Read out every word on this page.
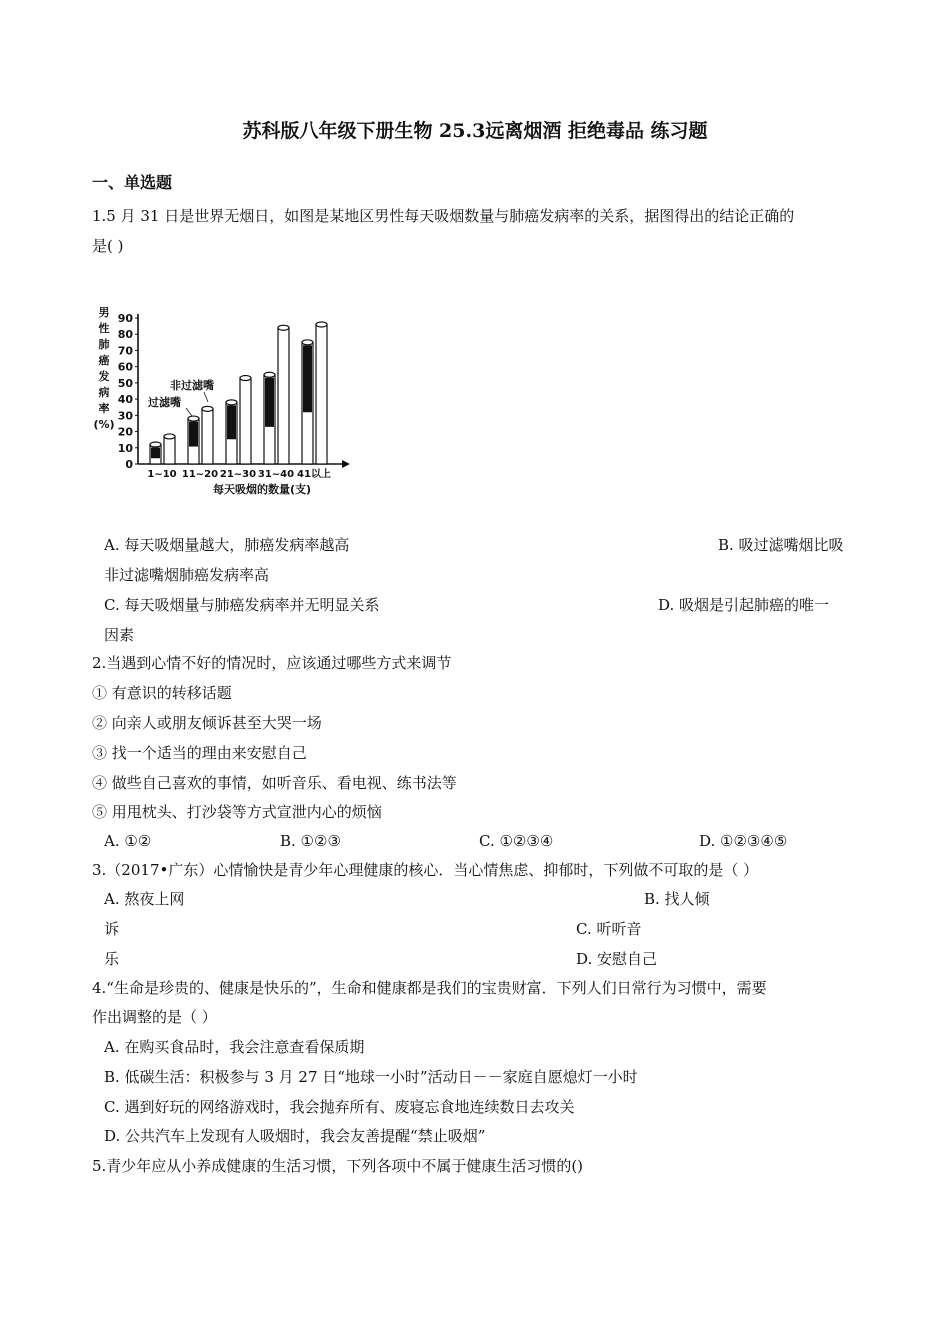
苏科版八年级下册生物 25.3远离烟酒 拒绝毒品 练习题
一、单选题
1.5 月 31 日是世界无烟日，如图是某地区男性每天吸烟数量与肺癌发病率的关系，据图得出的结论正确的
是( )
男
性
肺
癌
发
病
率
(%)
0
10
20
30
40
50
60
70
80
90
1~10 11~20 21~30 31~40 41以上
每天吸烟的数量(支)
非过滤嘴
过滤嘴
A. 每天吸烟量越大，肺癌发病率越高	B. 吸过滤嘴烟比吸
非过滤嘴烟肺癌发病率高
C. 每天吸烟量与肺癌发病率并无明显关系	D. 吸烟是引起肺癌的唯一
因素
2.当遇到心情不好的情况时，应该通过哪些方式来调节
① 有意识的转移话题
② 向亲人或朋友倾诉甚至大哭一场
③ 找一个适当的理由来安慰自己
④ 做些自己喜欢的事情，如听音乐、看电视、练书法等
⑤ 用甩枕头、打沙袋等方式宣泄内心的烦恼
A. ①②	B. ①②③	C. ①②③④	D. ①②③④⑤
3.（2017•广东）心情愉快是青少年心理健康的核心．当心情焦虑、抑郁时，下列做不可取的是（ ）
A. 熬夜上网	B. 找人倾
诉	C. 听听音
乐	D. 安慰自己
4.“生命是珍贵的、健康是快乐的”，生命和健康都是我们的宝贵财富．下列人们日常行为习惯中，需要
作出调整的是（ ）
A. 在购买食品时，我会注意查看保质期
B. 低碳生活：积极参与 3 月 27 日“地球一小时”活动日－－家庭自愿熄灯一小时
C. 遇到好玩的网络游戏时，我会抛弃所有、废寝忘食地连续数日去攻关
D. 公共汽车上发现有人吸烟时，我会友善提醒“禁止吸烟”
5.青少年应从小养成健康的生活习惯，下列各项中不属于健康生活习惯的()
